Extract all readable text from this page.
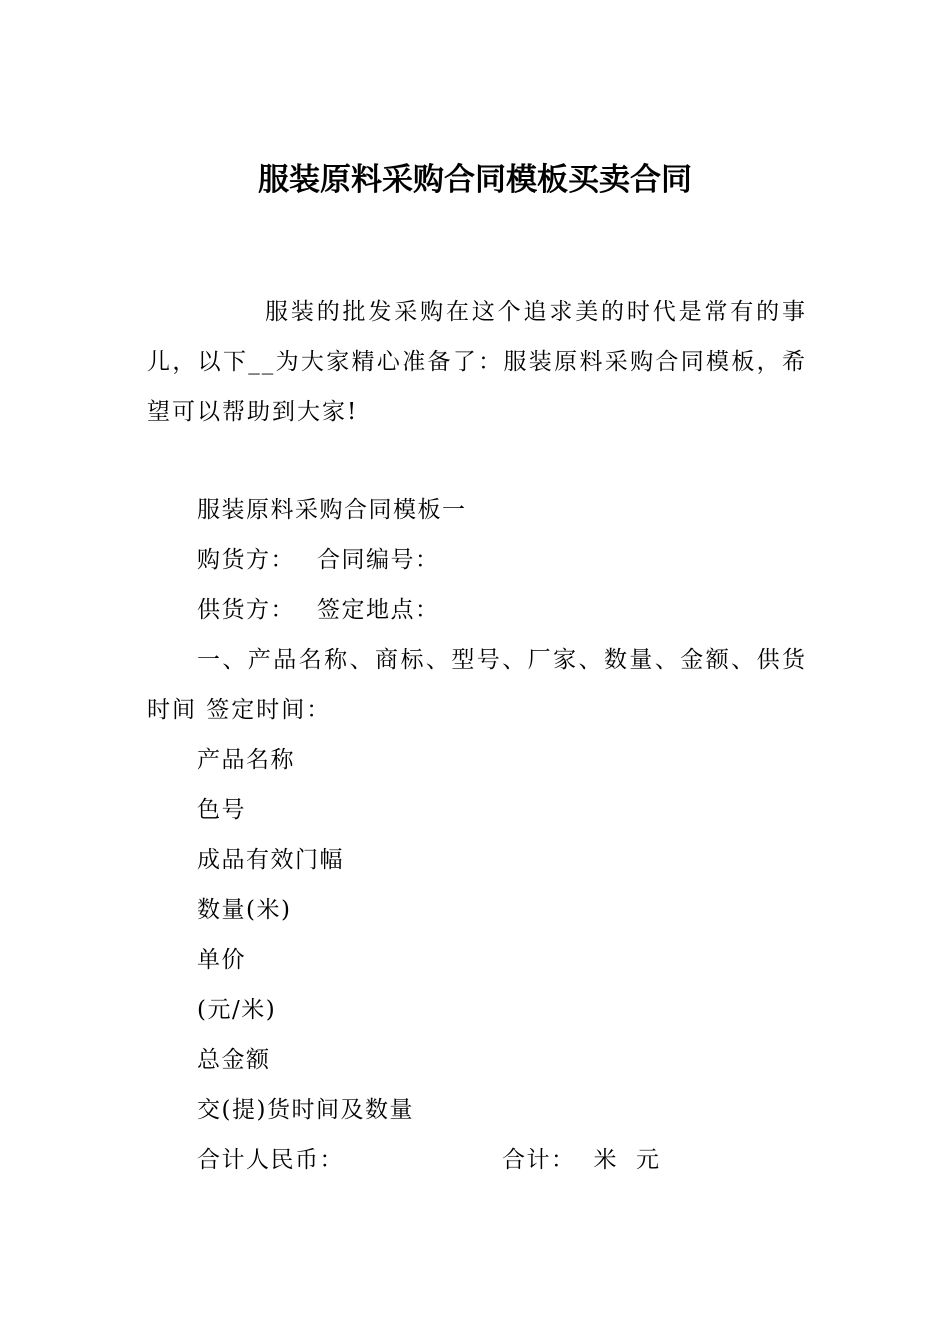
服装原料采购合同模板买卖合同
服装的批发采购在这个追求美的时代是常有的事儿，以下__为大家精心准备了：服装原料采购合同模板，希望可以帮助到大家!
服装原料采购合同模板一
购货方： 合同编号：
供货方： 签定地点：
一、产品名称、商标、型号、厂家、数量、金额、供货时间 签定时间：
产品名称
色号
成品有效门幅
数量(米)
单价
(元/米)
总金额
交(提)货时间及数量
合计人民币：	合计： 米 元
